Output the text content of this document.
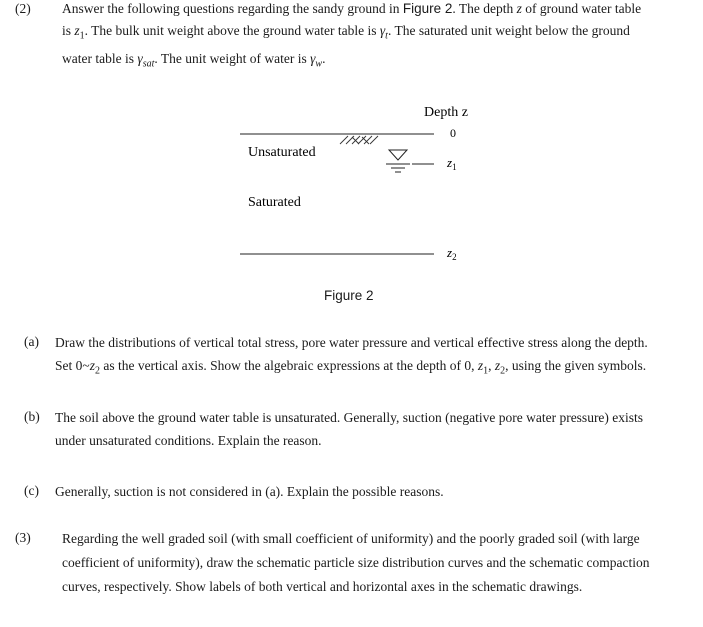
(2) Answer the following questions regarding the sandy ground in Figure 2. The depth z of ground water table
is $z_1$. The bulk unit weight above the ground water table is $\gamma_t$. The saturated unit weight below the ground
water table is $\gamma_{sat}$. The unit weight of water is $\gamma_w$.
Depth z
0
Unsaturated
$z_1$
Saturated
$z_2$
Figure 2
(a) Draw the distributions of vertical total stress, pore water pressure and vertical effective stress along the depth.
Set $0\sim z_2$ as the vertical axis. Show the algebraic expressions at the depth of 0, $z_1$, $z_2$, using the given symbols.
(b) The soil above the ground water table is unsaturated. Generally, suction (negative pore water pressure) exists
under unsaturated conditions. Explain the reason.
(c) Generally, suction is not considered in (a). Explain the possible reasons.
(3) Regarding the well graded soil (with small coefficient of uniformity) and the poorly graded soil (with large
coefficient of uniformity), draw the schematic particle size distribution curves and the schematic compaction
curves, respectively. Show labels of both vertical and horizontal axes in the schematic drawings.
